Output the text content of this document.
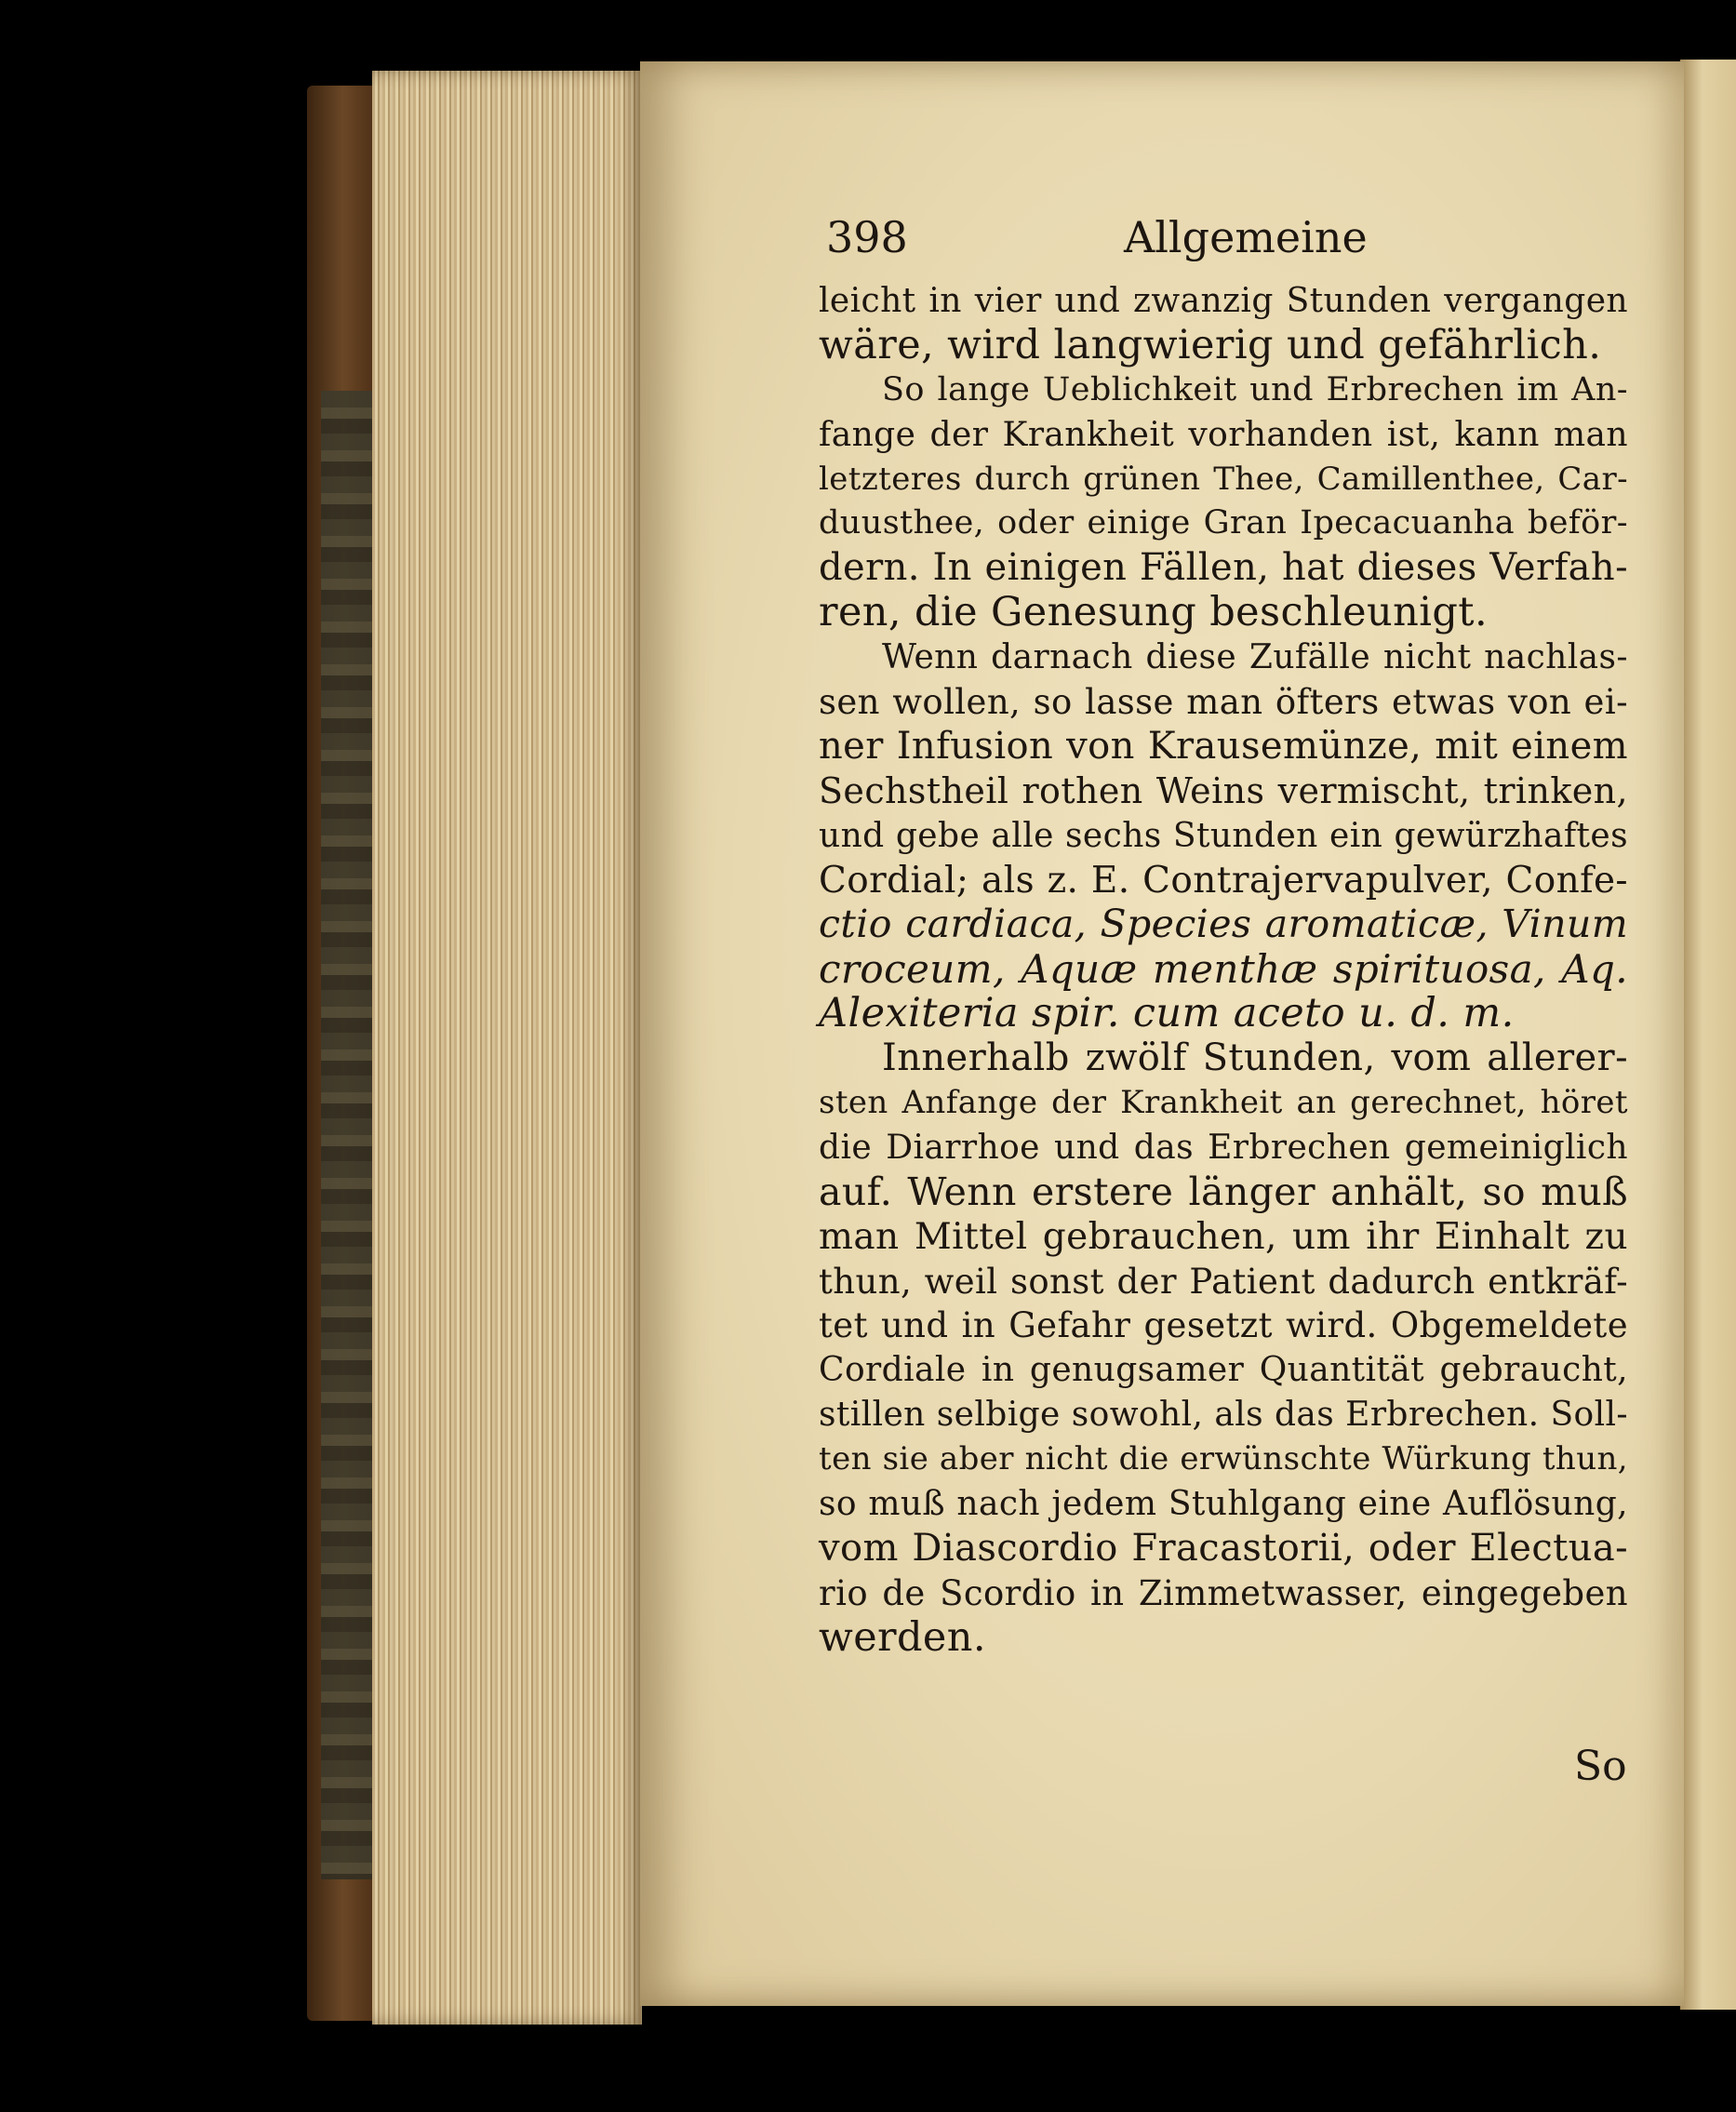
398	Allgemeine
leicht in vier und zwanzig Stunden vergangen
wäre, wird langwierig und gefährlich.
So lange Ueblichkeit und Erbrechen im An-
fange der Krankheit vorhanden ist, kann man
letzteres durch grünen Thee, Camillenthee, Car-
duusthee, oder einige Gran Ipecacuanha beför-
dern. In einigen Fällen, hat dieses Verfah-
ren, die Genesung beschleunigt.
Wenn darnach diese Zufälle nicht nachlas-
sen wollen, so lasse man öfters etwas von ei-
ner Infusion von Krausemünze, mit einem
Sechstheil rothen Weins vermischt, trinken,
und gebe alle sechs Stunden ein gewürzhaftes
Cordial; als z. E. Contrajervapulver, Confe-
ctio cardiaca, Species aromaticæ, Vinum
croceum, Aquæ menthæ spirituosa, Aq.
Alexiteria spir. cum aceto u. d. m.
Innerhalb zwölf Stunden, vom allerer-
sten Anfange der Krankheit an gerechnet, höret
die Diarrhoe und das Erbrechen gemeiniglich
auf. Wenn erstere länger anhält, so muß
man Mittel gebrauchen, um ihr Einhalt zu
thun, weil sonst der Patient dadurch entkräf-
tet und in Gefahr gesetzt wird. Obgemeldete
Cordiale in genugsamer Quantität gebraucht,
stillen selbige sowohl, als das Erbrechen. Soll-
ten sie aber nicht die erwünschte Würkung thun,
so muß nach jedem Stuhlgang eine Auflösung,
vom Diascordio Fracastorii, oder Electua-
rio de Scordio in Zimmetwasser, eingegeben
werden.
So
